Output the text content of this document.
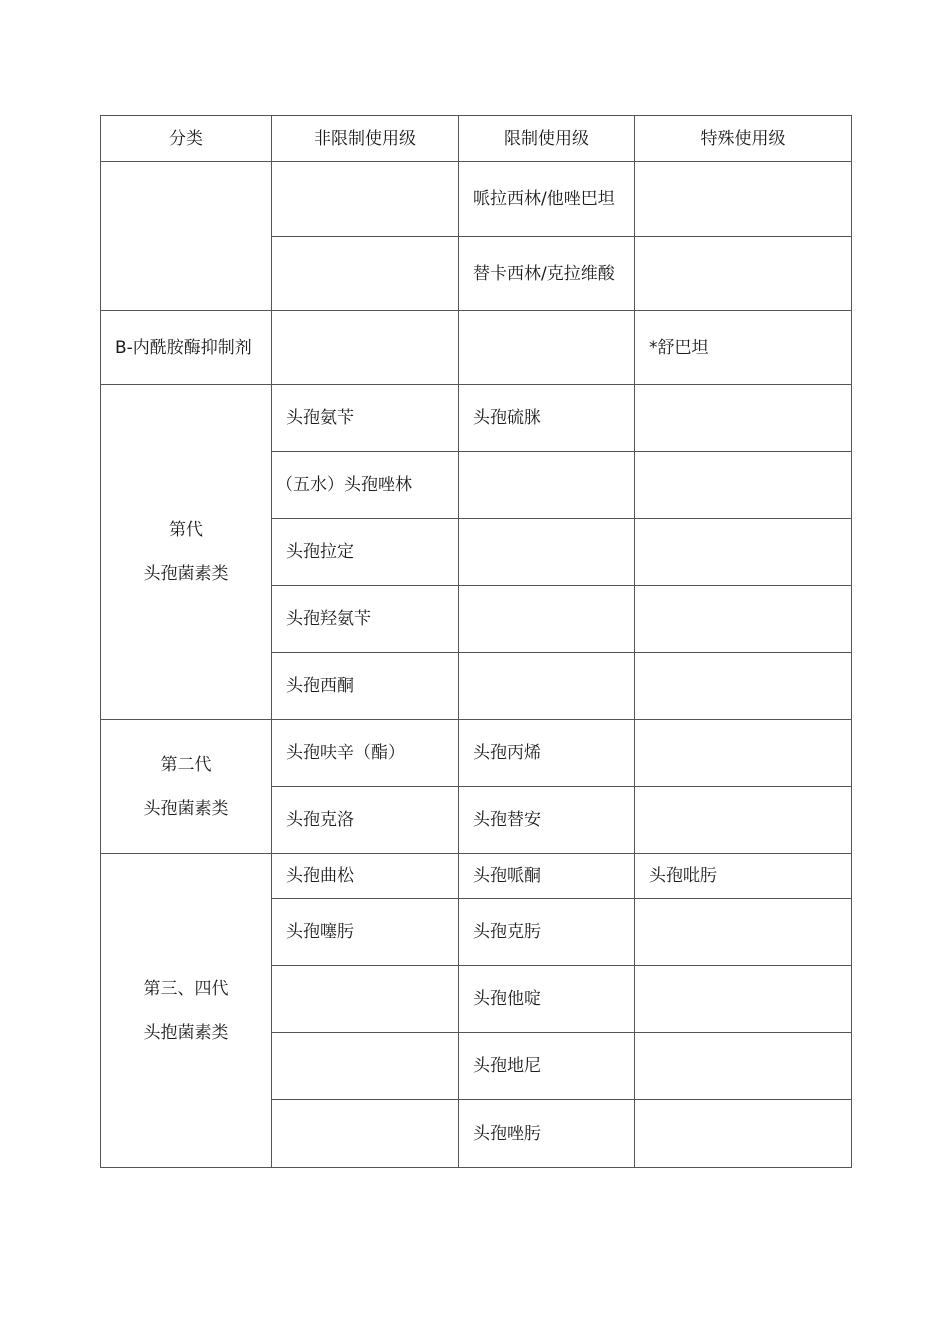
分类	非限制使用级	限制使用级	特殊使用级
		哌拉西林/他唑巴坦	
		替卡西林/克拉维酸	
B-内酰胺酶抑制剂			*舒巴坦

第代
头孢菌素类	头孢氨苄	头孢硫脒	
	（五水）头孢唑林		
	头孢拉定		
	头孢羟氨苄		
	头孢西酮		

第二代
头孢菌素类	头孢呋辛（酯）	头孢丙烯	
	头孢克洛	头孢替安	

第三、四代
头抱菌素类	头孢曲松	头孢哌酮	头孢吡肟
	头孢噻肟	头孢克肟	
		头孢他啶	
		头孢地尼	
		头孢唑肟	
